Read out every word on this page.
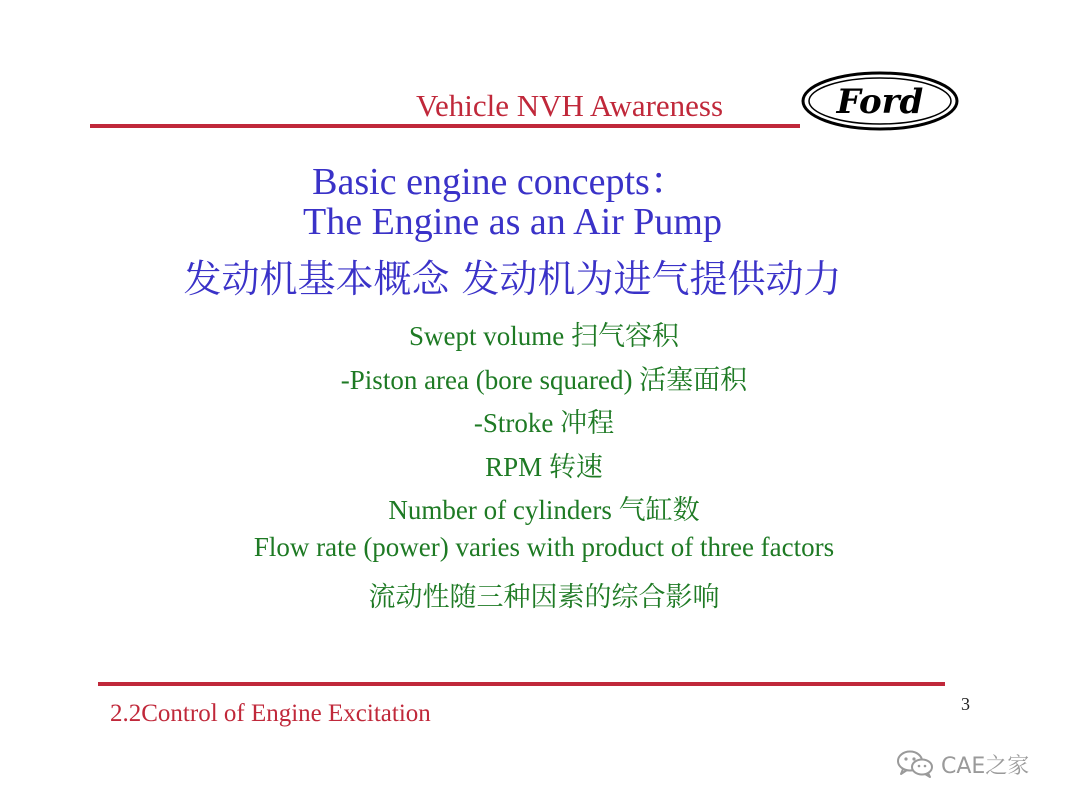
Vehicle NVH Awareness	Ford
Basic engine concepts：
The Engine as an Air Pump
发动机基本概念 发动机为进气提供动力
Swept volume 扫气容积
-Piston area (bore squared) 活塞面积
-Stroke 冲程
RPM 转速
Number of cylinders 气缸数
Flow rate (power) varies with product of three factors
流动性随三种因素的综合影响
2.2Control of Engine Excitation	3
CAE之家
